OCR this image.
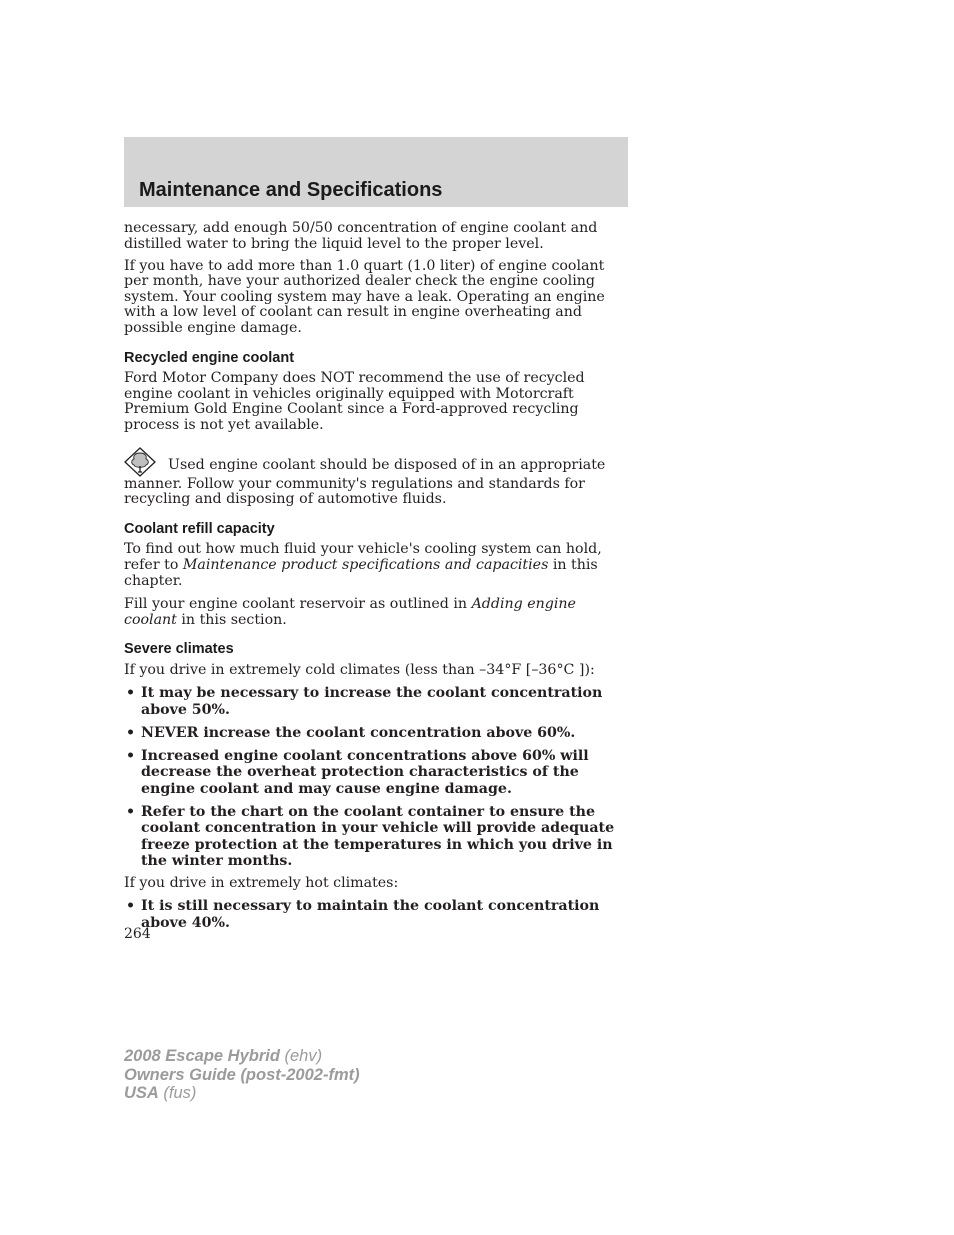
Maintenance and Specifications

necessary, add enough 50/50 concentration of engine coolant and distilled water to bring the liquid level to the proper level.

If you have to add more than 1.0 quart (1.0 liter) of engine coolant per month, have your authorized dealer check the engine cooling system. Your cooling system may have a leak. Operating an engine with a low level of coolant can result in engine overheating and possible engine damage.

Recycled engine coolant

Ford Motor Company does NOT recommend the use of recycled engine coolant in vehicles originally equipped with Motorcraft Premium Gold Engine Coolant since a Ford-approved recycling process is not yet available.

Used engine coolant should be disposed of in an appropriate manner. Follow your community's regulations and standards for recycling and disposing of automotive fluids.

Coolant refill capacity

To find out how much fluid your vehicle's cooling system can hold, refer to Maintenance product specifications and capacities in this chapter.

Fill your engine coolant reservoir as outlined in Adding engine coolant in this section.

Severe climates

If you drive in extremely cold climates (less than –34°F [–36°C ]):

• It may be necessary to increase the coolant concentration above 50%.
• NEVER increase the coolant concentration above 60%.
• Increased engine coolant concentrations above 60% will decrease the overheat protection characteristics of the engine coolant and may cause engine damage.
• Refer to the chart on the coolant container to ensure the coolant concentration in your vehicle will provide adequate freeze protection at the temperatures in which you drive in the winter months.

If you drive in extremely hot climates:

• It is still necessary to maintain the coolant concentration above 40%.
264
2008 Escape Hybrid (ehv)
Owners Guide (post-2002-fmt)
USA (fus)
